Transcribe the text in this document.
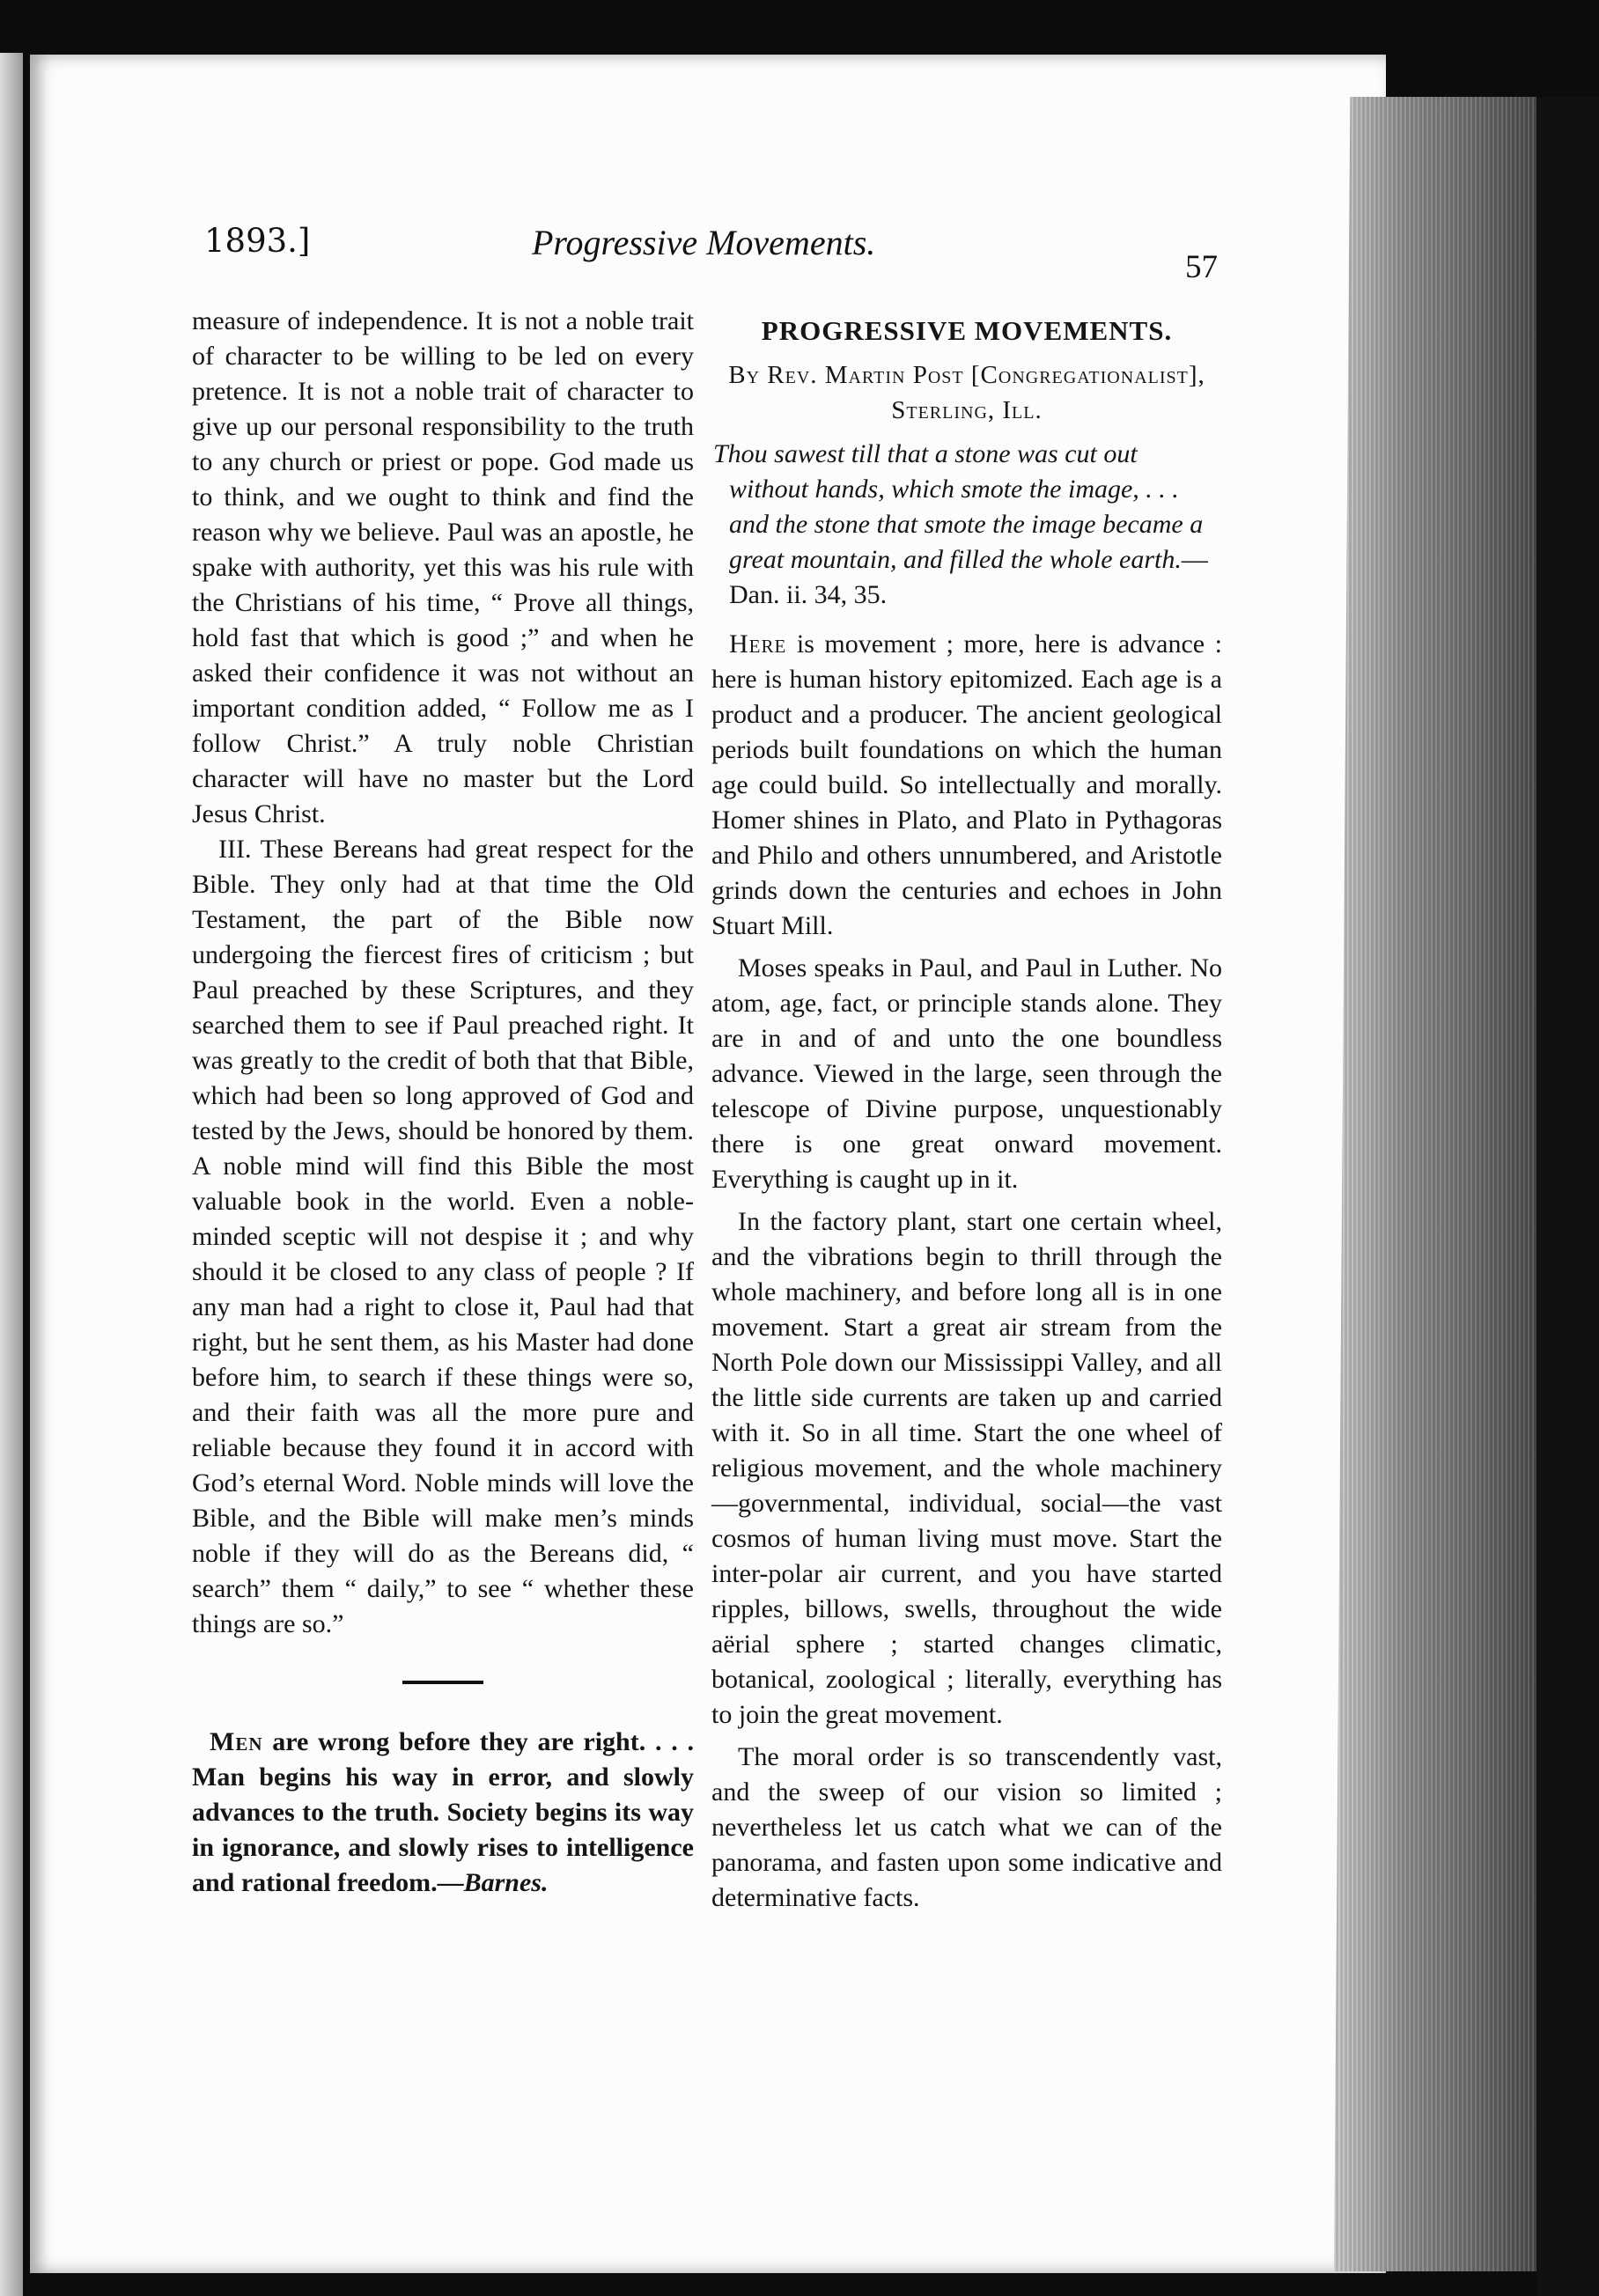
1893.]	Progressive Movements.
57

measure of independence. It is not a noble trait of character to be willing to be led on every pretence. It is not a noble trait of character to give up our personal responsibility to the truth to any church or priest or pope. God made us to think, and we ought to think and find the reason why we believe. Paul was an apostle, he spake with authority, yet this was his rule with the Christians of his time, “ Prove all things, hold fast that which is good ;” and when he asked their confidence it was not without an important condition added, “ Follow me as I follow Christ.” A truly noble Christian character will have no master but the Lord Jesus Christ.

III. These Bereans had great respect for the Bible. They only had at that time the Old Testament, the part of the Bible now undergoing the fiercest fires of criticism ; but Paul preached by these Scriptures, and they searched them to see if Paul preached right. It was greatly to the credit of both that that Bible, which had been so long approved of God and tested by the Jews, should be honored by them. A noble mind will find this Bible the most valuable book in the world. Even a noble-minded sceptic will not despise it ; and why should it be closed to any class of people ? If any man had a right to close it, Paul had that right, but he sent them, as his Master had done before him, to search if these things were so, and their faith was all the more pure and reliable because they found it in accord with God’s eternal Word. Noble minds will love the Bible, and the Bible will make men’s minds noble if they will do as the Bereans did, “ search” them “ daily,” to see “ whether these things are so.”

Men are wrong before they are right. . . . Man begins his way in error, and slowly advances to the truth. Society begins its way in ignorance, and slowly rises to intelligence and rational freedom.—Barnes.

PROGRESSIVE MOVEMENTS.
By Rev. Martin Post [Congregationalist], Sterling, Ill.

Thou sawest till that a stone was cut out without hands, which smote the image, . . . and the stone that smote the image became a great mountain, and filled the whole earth.—Dan. ii. 34, 35.

Here is movement ; more, here is advance : here is human history epitomized. Each age is a product and a producer. The ancient geological periods built foundations on which the human age could build. So intellectually and morally. Homer shines in Plato, and Plato in Pythagoras and Philo and others unnumbered, and Aristotle grinds down the centuries and echoes in John Stuart Mill.

Moses speaks in Paul, and Paul in Luther. No atom, age, fact, or principle stands alone. They are in and of and unto the one boundless advance. Viewed in the large, seen through the telescope of Divine purpose, unquestionably there is one great onward movement. Everything is caught up in it.

In the factory plant, start one certain wheel, and the vibrations begin to thrill through the whole machinery, and before long all is in one movement. Start a great air stream from the North Pole down our Mississippi Valley, and all the little side currents are taken up and carried with it. So in all time. Start the one wheel of religious movement, and the whole machinery—governmental, individual, social—the vast cosmos of human living must move. Start the inter-polar air current, and you have started ripples, billows, swells, throughout the wide aërial sphere ; started changes climatic, botanical, zoological ; literally, everything has to join the great movement.

The moral order is so transcendently vast, and the sweep of our vision so limited ; nevertheless let us catch what we can of the panorama, and fasten upon some indicative and determinative facts.
